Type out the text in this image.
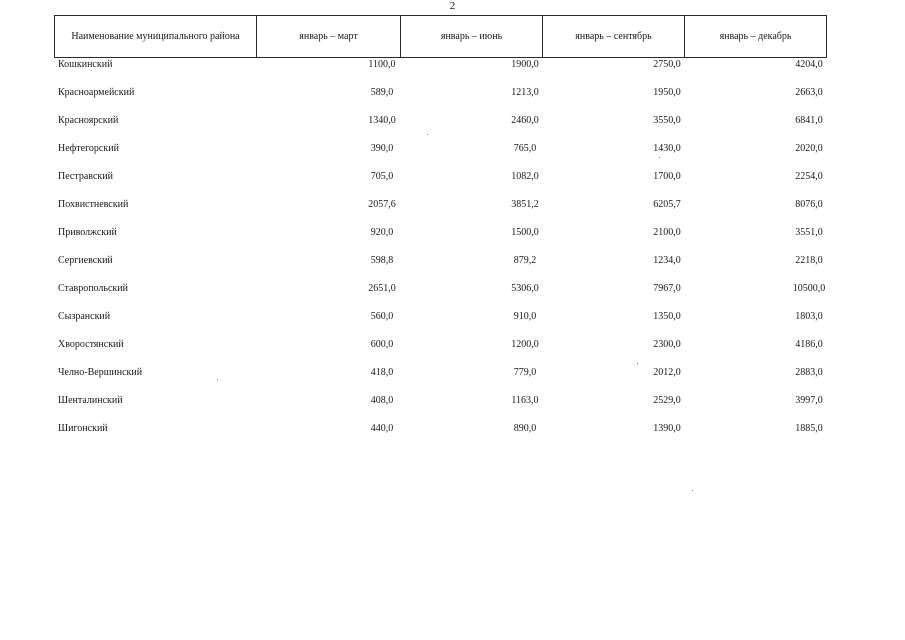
2
Наименование муниципального района	январь – март	январь – июнь	январь – сентябрь	январь – декабрь
Кошкинский	1100,0	1900,0	2750,0	4204,0
Красноармейский	589,0	1213,0	1950,0	2663,0
Красноярский	1340,0	2460,0	3550,0	6841,0
Нефтегорский	390,0	765,0	1430,0	2020,0
Пестравский	705,0	1082,0	1700,0	2254,0
Похвистневский	2057,6	3851,2	6205,7	8076,0
Приволжский	920,0	1500,0	2100,0	3551,0
Сергиевский	598,8	879,2	1234,0	2218,0
Ставропольский	2651,0	5306,0	7967,0	10500,0
Сызранский	560,0	910,0	1350,0	1803,0
Хворостянский	600,0	1200,0	2300,0	4186,0
Челно-Вершинский	418,0	779,0	2012,0	2883,0
Шенталинский	408,0	1163,0	2529,0	3997,0
Шигонский	440,0	890,0	1390,0	1885,0
